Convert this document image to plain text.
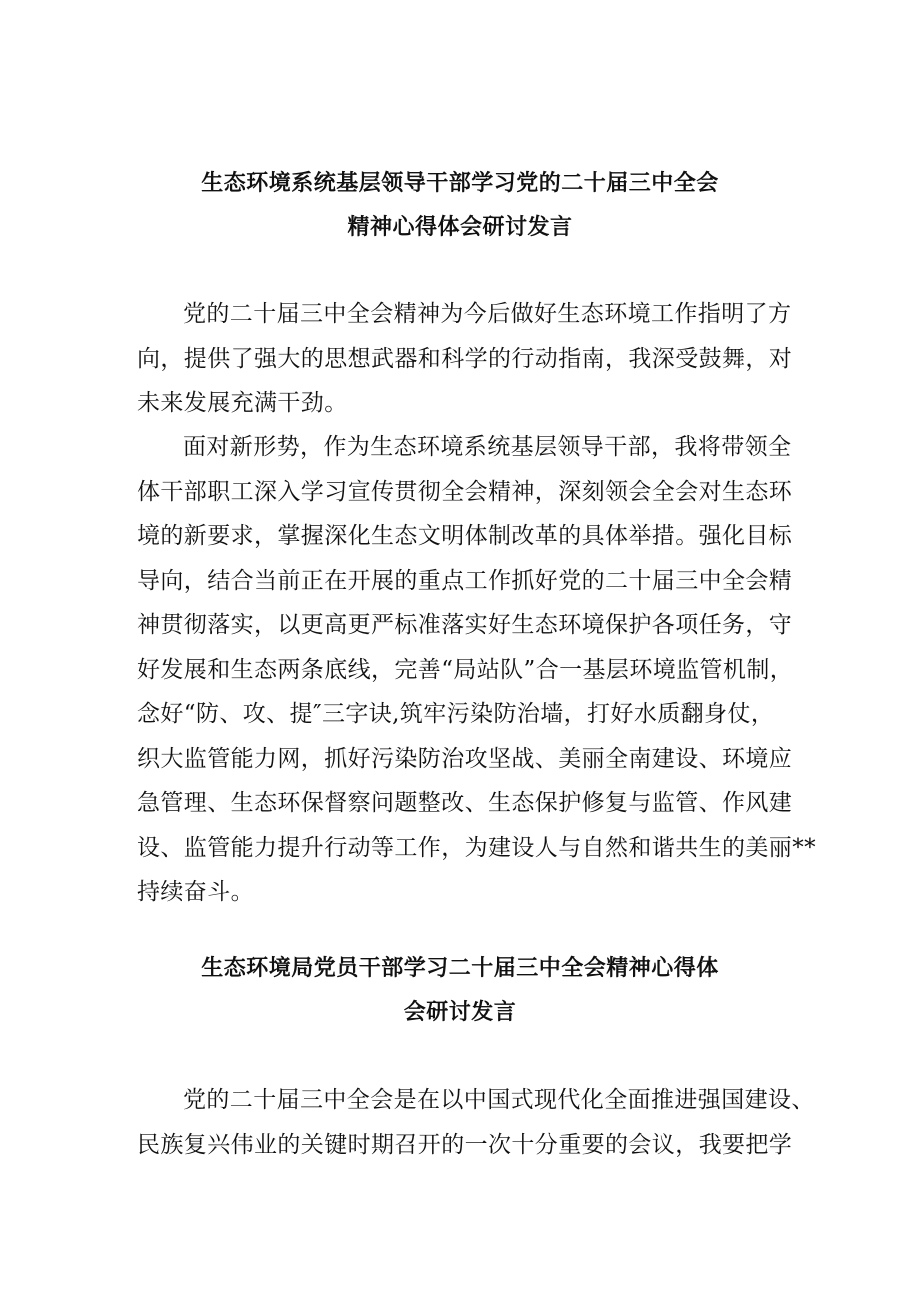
生态环境系统基层领导干部学习党的二十届三中全会
精神心得体会研讨发言
党的二十届三中全会精神为今后做好生态环境工作指明了方
向，提供了强大的思想武器和科学的行动指南，我深受鼓舞，对
未来发展充满干劲。
面对新形势，作为生态环境系统基层领导干部，我将带领全
体干部职工深入学习宣传贯彻全会精神，深刻领会全会对生态环
境的新要求，掌握深化生态文明体制改革的具体举措。强化目标
导向，结合当前正在开展的重点工作抓好党的二十届三中全会精
神贯彻落实，以更高更严标准落实好生态环境保护各项任务，守
好发展和生态两条底线，完善“局站队”合一基层环境监管机制，
念好“防、攻、提″三字诀,筑牢污染防治墙，打好水质翻身仗，
织大监管能力网，抓好污染防治攻坚战、美丽全南建设、环境应
急管理、生态环保督察问题整改、生态保护修复与监管、作风建
设、监管能力提升行动等工作，为建设人与自然和谐共生的美丽**
持续奋斗。
生态环境局党员干部学习二十届三中全会精神心得体
会研讨发言
党的二十届三中全会是在以中国式现代化全面推进强国建设、
民族复兴伟业的关键时期召开的一次十分重要的会议，我要把学
